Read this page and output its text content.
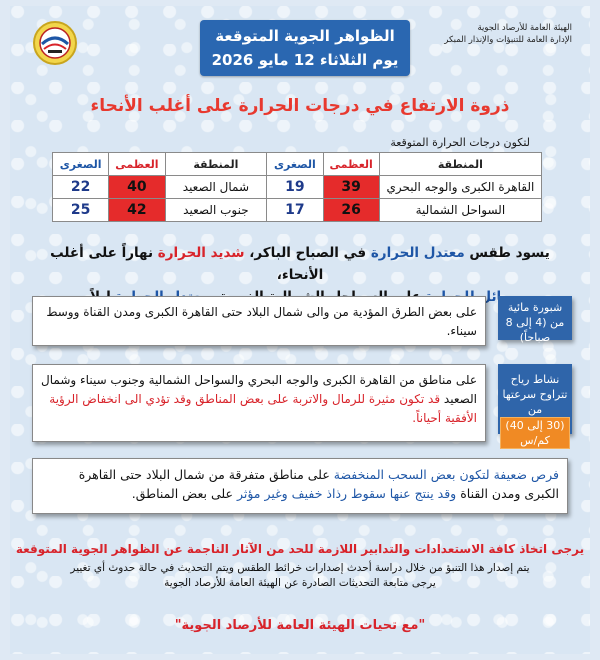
الهيئة العامة للأرصاد الجوية
الإدارة العامة للتنبؤات والإنذار المبكر
الظواهر الجوية المتوقعة
يوم الثلاثاء 12 مايو 2026
ذروة الارتفاع في درجات الحرارة على أغلب الأنحاء
لتكون درجات الحرارة المتوقعة
المنطقة	العظمى	الصغرى	المنطقة	العظمى	الصغرى
القاهرة الكبرى والوجه البحري	39	19	شمال الصعيد	40	22
السواحل الشمالية	26	17	جنوب الصعيد	42	25
يسود طقس معتدل الحرارة في الصباح الباكر، شديد الحرارة نهاراً على أغلب الأنحاء،
مائل
شبورة مائية من (4 إلى 8 صباحاً)
على بعض الطرق المؤدية من والى شمال البلاد حتى القاهرة الكبرى ومدن القناة ووسط سيناء.
نشاط رياح تتراوح سرعتها من
(30 إلى 40) كم/س
على مناطق من القاهرة الكبرى والوجه البحري والسواحل الشمالية وجنوب سيناء وشمال الصعيد قد تكون مثيرة للرمال والاتربة على بعض المناطق وقد تؤدي الى انخفاض الرؤية الأفقية أحياناً.
فرص ضعيفة لتكون بعض السحب المنخفضة على مناطق متفرقة من شمال البلاد حتى القاهرة الكبرى ومدن القناة وقد ينتج عنها سقوط رذاذ خفيف وغير مؤثر على بعض المناطق.
يرجى اتخاذ كافة الاستعدادات والتدابير اللازمة للحد من الآثار الناجمة عن الظواهر الجوية المتوقعة
يتم إصدار هذا التنبؤ من خلال دراسة أحدث إصدارات خرائط الطقس ويتم التحديث في حالة حدوث أي تغيير
يرجى متابعة التحديثات الصادرة عن الهيئة العامة للأرصاد الجوية
"مع تحيات الهيئة العامة للأرصاد الجوية"
